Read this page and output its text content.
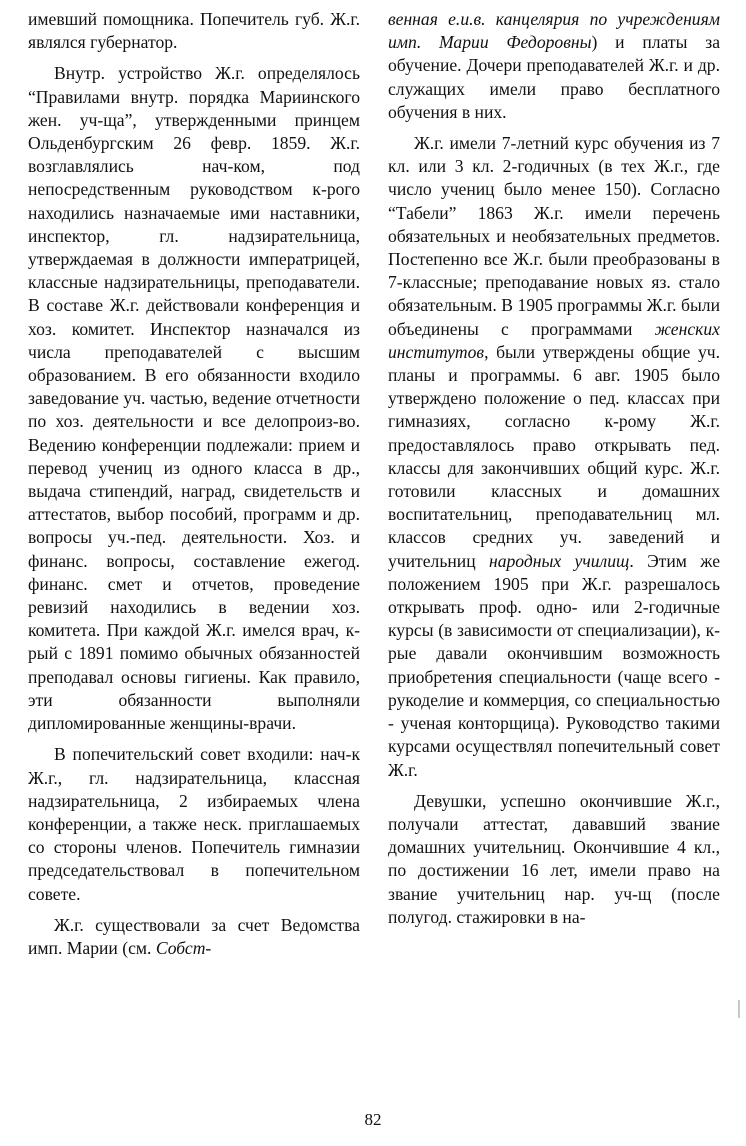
имевший помощника. Попечитель губ. Ж.г. являлся губернатор.

Внутр. устройство Ж.г. определялось “Правилами внутр. порядка Мариинского жен. уч-ща”, утвержденными принцем Ольденбургским 26 февр. 1859. Ж.г. возглавлялись нач-ком, под непосредственным руководством к-рого находились назначаемые ими наставники, инспектор, гл. надзирательница, утверждаемая в должности императрицей, классные надзирательницы, преподаватели. В составе Ж.г. действовали конференция и хоз. комитет. Инспектор назначался из числа преподавателей с высшим образованием. В его обязанности входило заведование уч. частью, ведение отчетности по хоз. деятельности и все делопроиз-во. Ведению конференции подлежали: прием и перевод учениц из одного класса в др., выдача стипендий, наград, свидетельств и аттестатов, выбор пособий, программ и др. вопросы уч.-пед. деятельности. Хоз. и финанс. вопросы, составление ежегод. финанс. смет и отчетов, проведение ревизий находились в ведении хоз. комитета. При каждой Ж.г. имелся врач, к-рый с 1891 помимо обычных обязанностей преподавал основы гигиены. Как правило, эти обязанности выполняли дипломированные женщины-врачи.

В попечительский совет входили: нач-к Ж.г., гл. надзирательница, классная надзирательница, 2 избираемых члена конференции, а также неск. приглашаемых со стороны членов. Попечитель гимназии председательствовал в попечительном совете.

Ж.г. существовали за счет Ведомства имп. Марии (см. Собст-

венная е.и.в. канцелярия по учреждениям имп. Марии Федоровны) и платы за обучение. Дочери преподавателей Ж.г. и др. служащих имели право бесплатного обучения в них.

Ж.г. имели 7-летний курс обучения из 7 кл. или 3 кл. 2-годичных (в тех Ж.г., где число учениц было менее 150). Согласно “Табели” 1863 Ж.г. имели перечень обязательных и необязательных предметов. Постепенно все Ж.г. были преобразованы в 7-классные; преподавание новых яз. стало обязательным. В 1905 программы Ж.г. были объединены с программами женских институтов, были утверждены общие уч. планы и программы. 6 авг. 1905 было утверждено положение о пед. классах при гимназиях, согласно к-рому Ж.г. предоставлялось право открывать пед. классы для закончивших общий курс. Ж.г. готовили классных и домашних воспитательниц, преподавательниц мл. классов средних уч. заведений и учительниц народных училищ. Этим же положением 1905 при Ж.г. разрешалось открывать проф. одно- или 2-годичные курсы (в зависимости от специализации), к-рые давали окончившим возможность приобретения специальности (чаще всего - рукоделие и коммерция, со специальностью - ученая конторщица). Руководство такими курсами осуществлял попечительный совет Ж.г.

Девушки, успешно окончившие Ж.г., получали аттестат, дававший звание домашних учительниц. Окончившие 4 кл., по достижении 16 лет, имели право на звание учительниц нар. уч-щ (после полугод. стажировки в на-

82
